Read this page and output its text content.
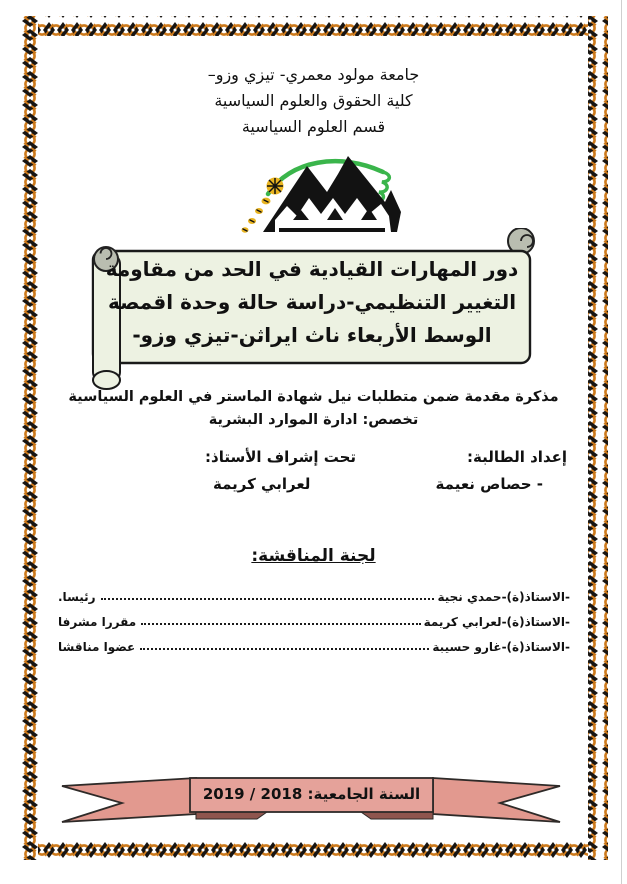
جامعة مولود معمري- تيزي وزو–
كلية الحقوق والعلوم السياسية
قسم العلوم السياسية
دور المهارات القيادية في الحد من مقاومة
التغيير التنظيمي-دراسة حالة وحدة اقمصة
الوسط الأربعاء ناث ايراثن-تيزي وزو-
مذكرة مقدمة ضمن متطلبات نيل شهادة الماستر في العلوم السياسية
تخصص: ادارة الموارد البشرية
إعداد الطالبة:
- حصاص نعيمة
تحت إشراف الأستاذ:
لعرابي كريمة
لجنة المناقشة:
-الاستاذ(ة)-حمدي نجية
رئيسا.
-الاستاذ(ة)-لعرابي كريمة
مقررا مشرفا
-الاستاذ(ة)-غارو حسيبة
عضوا مناقشا
السنة الجامعية: 2018 / 2019
